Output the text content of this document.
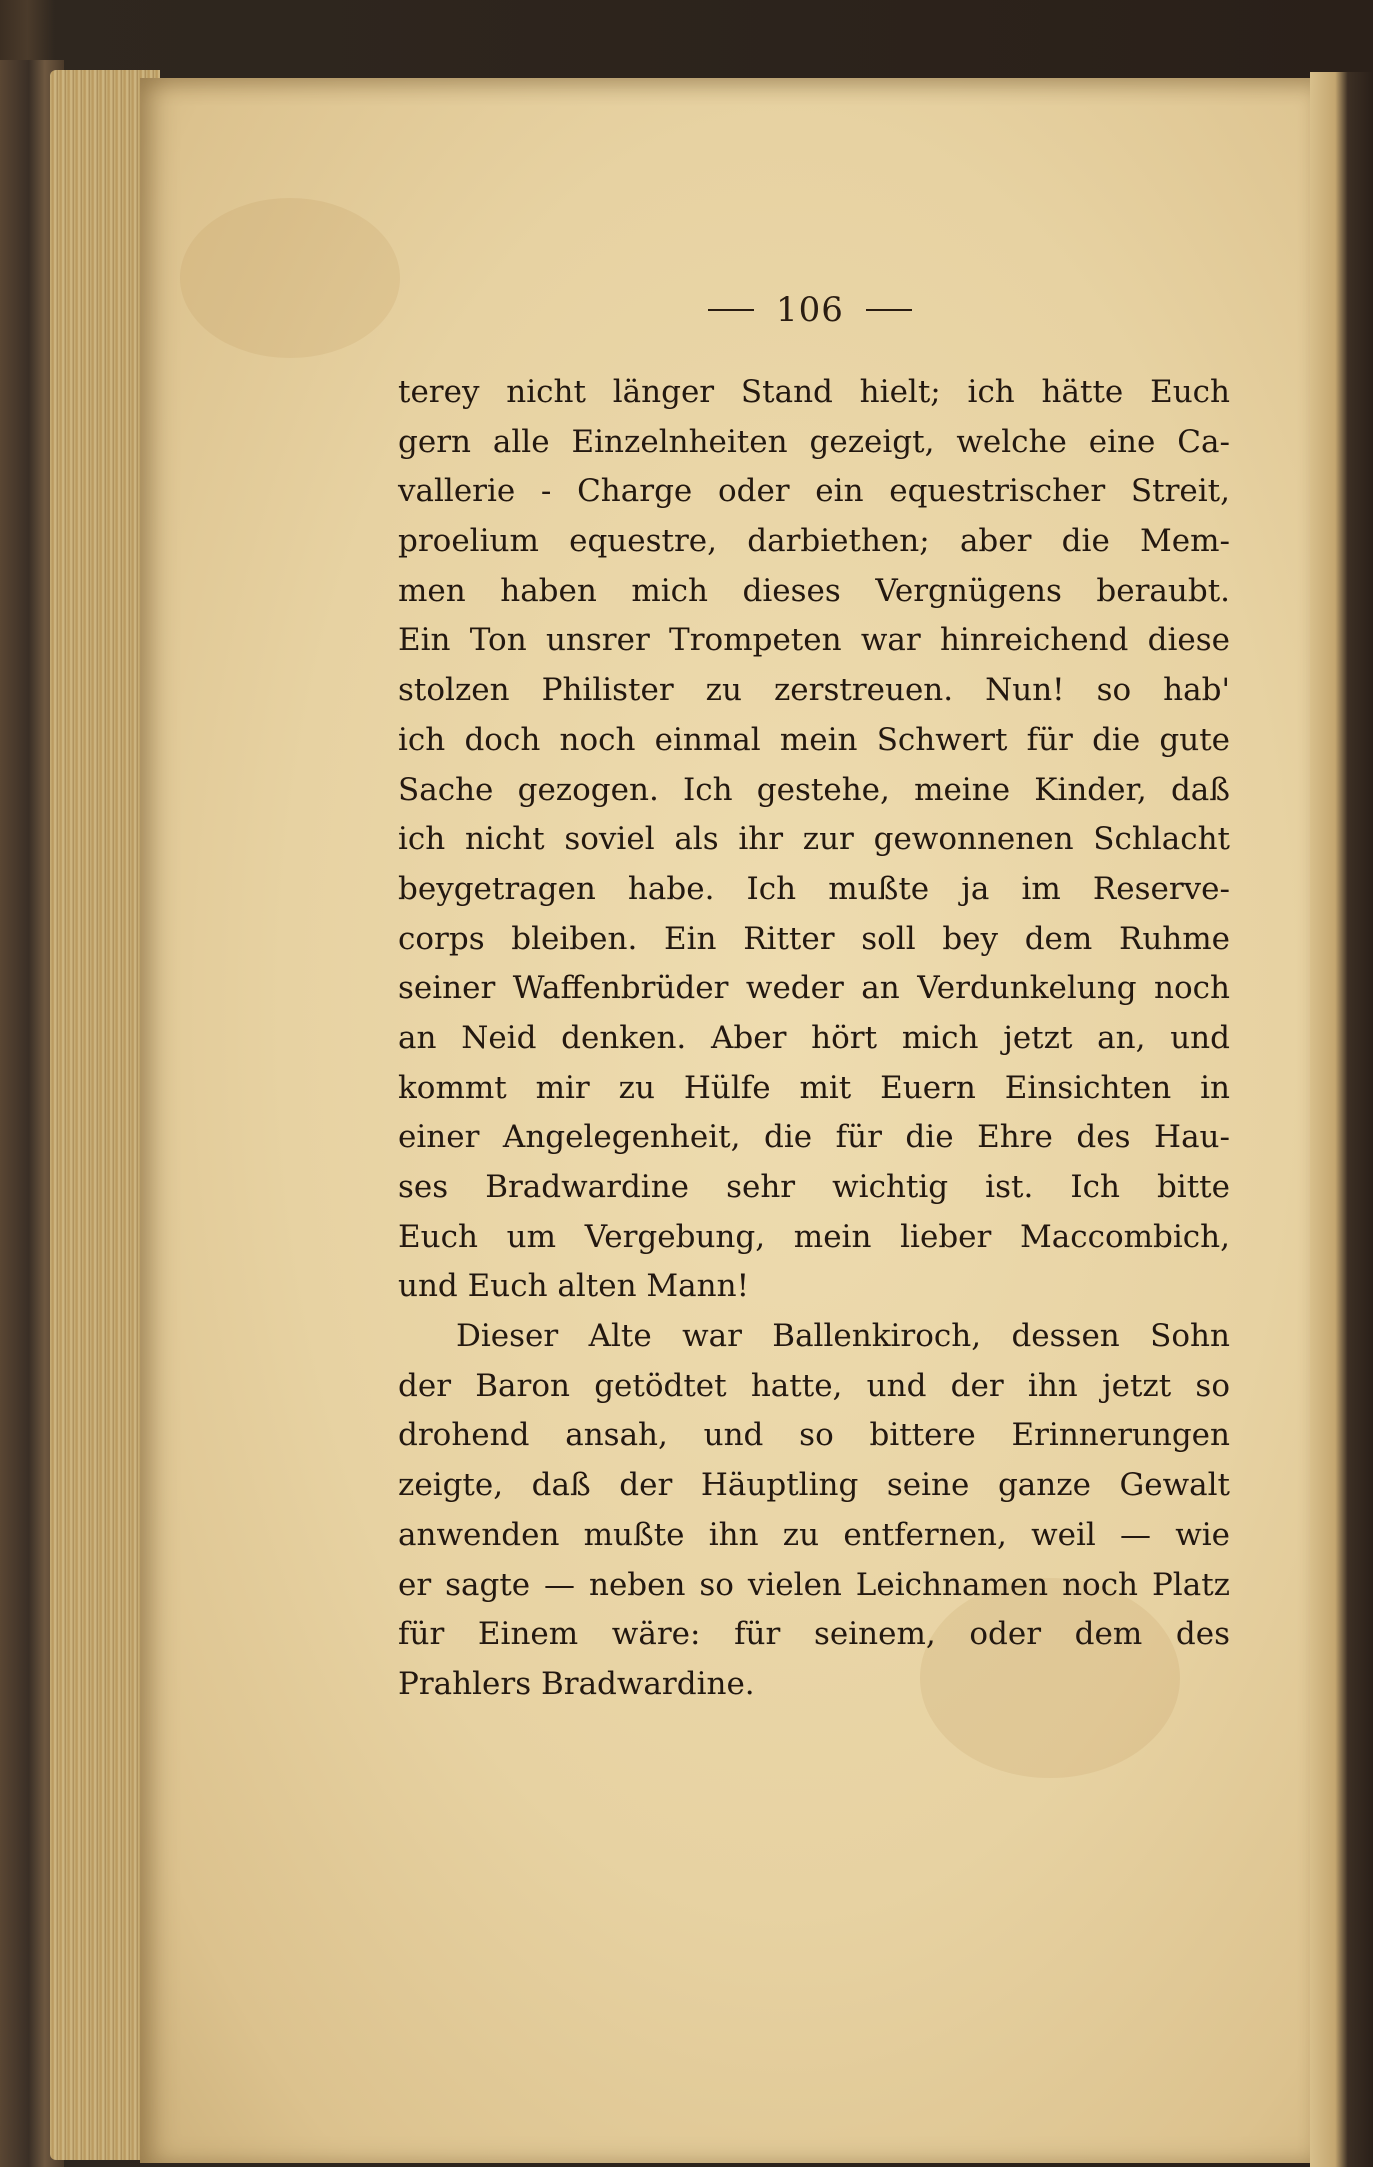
106
terey nicht länger Stand hielt; ich hätte Euch
gern alle Einzelnheiten gezeigt, welche eine Ca-
vallerie - Charge oder ein equestrischer Streit,
proelium equestre, darbiethen; aber die Mem-
men haben mich dieses Vergnügens beraubt.
Ein Ton unsrer Trompeten war hinreichend diese
stolzen Philister zu zerstreuen. Nun! so hab'
ich doch noch einmal mein Schwert für die gute
Sache gezogen. Ich gestehe, meine Kinder, daß
ich nicht soviel als ihr zur gewonnenen Schlacht
beygetragen habe. Ich mußte ja im Reserve-
corps bleiben. Ein Ritter soll bey dem Ruhme
seiner Waffenbrüder weder an Verdunkelung noch
an Neid denken. Aber hört mich jetzt an, und
kommt mir zu Hülfe mit Euern Einsichten in
einer Angelegenheit, die für die Ehre des Hau-
ses Bradwardine sehr wichtig ist. Ich bitte
Euch um Vergebung, mein lieber Maccombich,
und Euch alten Mann!
Dieser Alte war Ballenkiroch, dessen Sohn
der Baron getödtet hatte, und der ihn jetzt so
drohend ansah, und so bittere Erinnerungen
zeigte, daß der Häuptling seine ganze Gewalt
anwenden mußte ihn zu entfernen, weil — wie
er sagte — neben so vielen Leichnamen noch Platz
für Einem wäre: für seinem, oder dem des
Prahlers Bradwardine.
